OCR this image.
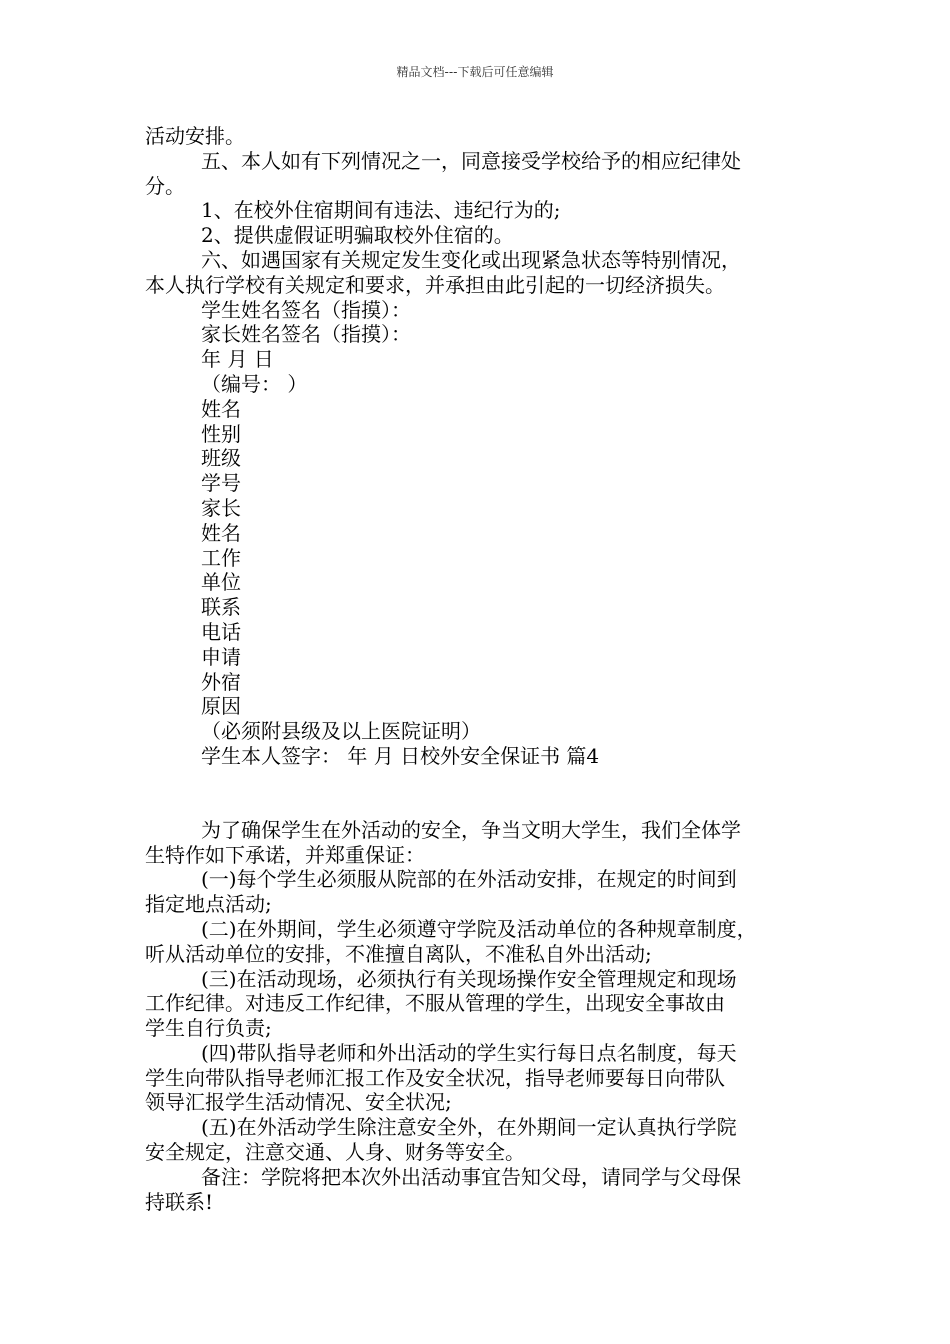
精品文档---下载后可任意编辑
活动安排。
五、本人如有下列情况之一，同意接受学校给予的相应纪律处
分。
1、在校外住宿期间有违法、违纪行为的;
2、提供虚假证明骗取校外住宿的。
六、如遇国家有关规定发生变化或出现紧急状态等特别情况，
本人执行学校有关规定和要求，并承担由此引起的一切经济损失。
学生姓名签名（指摸）：
家长姓名签名（指摸）：
年 月 日
（编号： ）
姓名
性别
班级
学号
家长
姓名
工作
单位
联系
电话
申请
外宿
原因
（必须附县级及以上医院证明）
学生本人签字： 年 月 日校外安全保证书 篇4
为了确保学生在外活动的安全，争当文明大学生，我们全体学
生特作如下承诺，并郑重保证：
(一)每个学生必须服从院部的在外活动安排，在规定的时间到
指定地点活动;
(二)在外期间，学生必须遵守学院及活动单位的各种规章制度，
听从活动单位的安排，不准擅自离队，不准私自外出活动;
(三)在活动现场，必须执行有关现场操作安全管理规定和现场
工作纪律。对违反工作纪律，不服从管理的学生，出现安全事故由
学生自行负责;
(四)带队指导老师和外出活动的学生实行每日点名制度，每天
学生向带队指导老师汇报工作及安全状况，指导老师要每日向带队
领导汇报学生活动情况、安全状况;
(五)在外活动学生除注意安全外，在外期间一定认真执行学院
安全规定，注意交通、人身、财务等安全。
备注：学院将把本次外出活动事宜告知父母，请同学与父母保
持联系!
